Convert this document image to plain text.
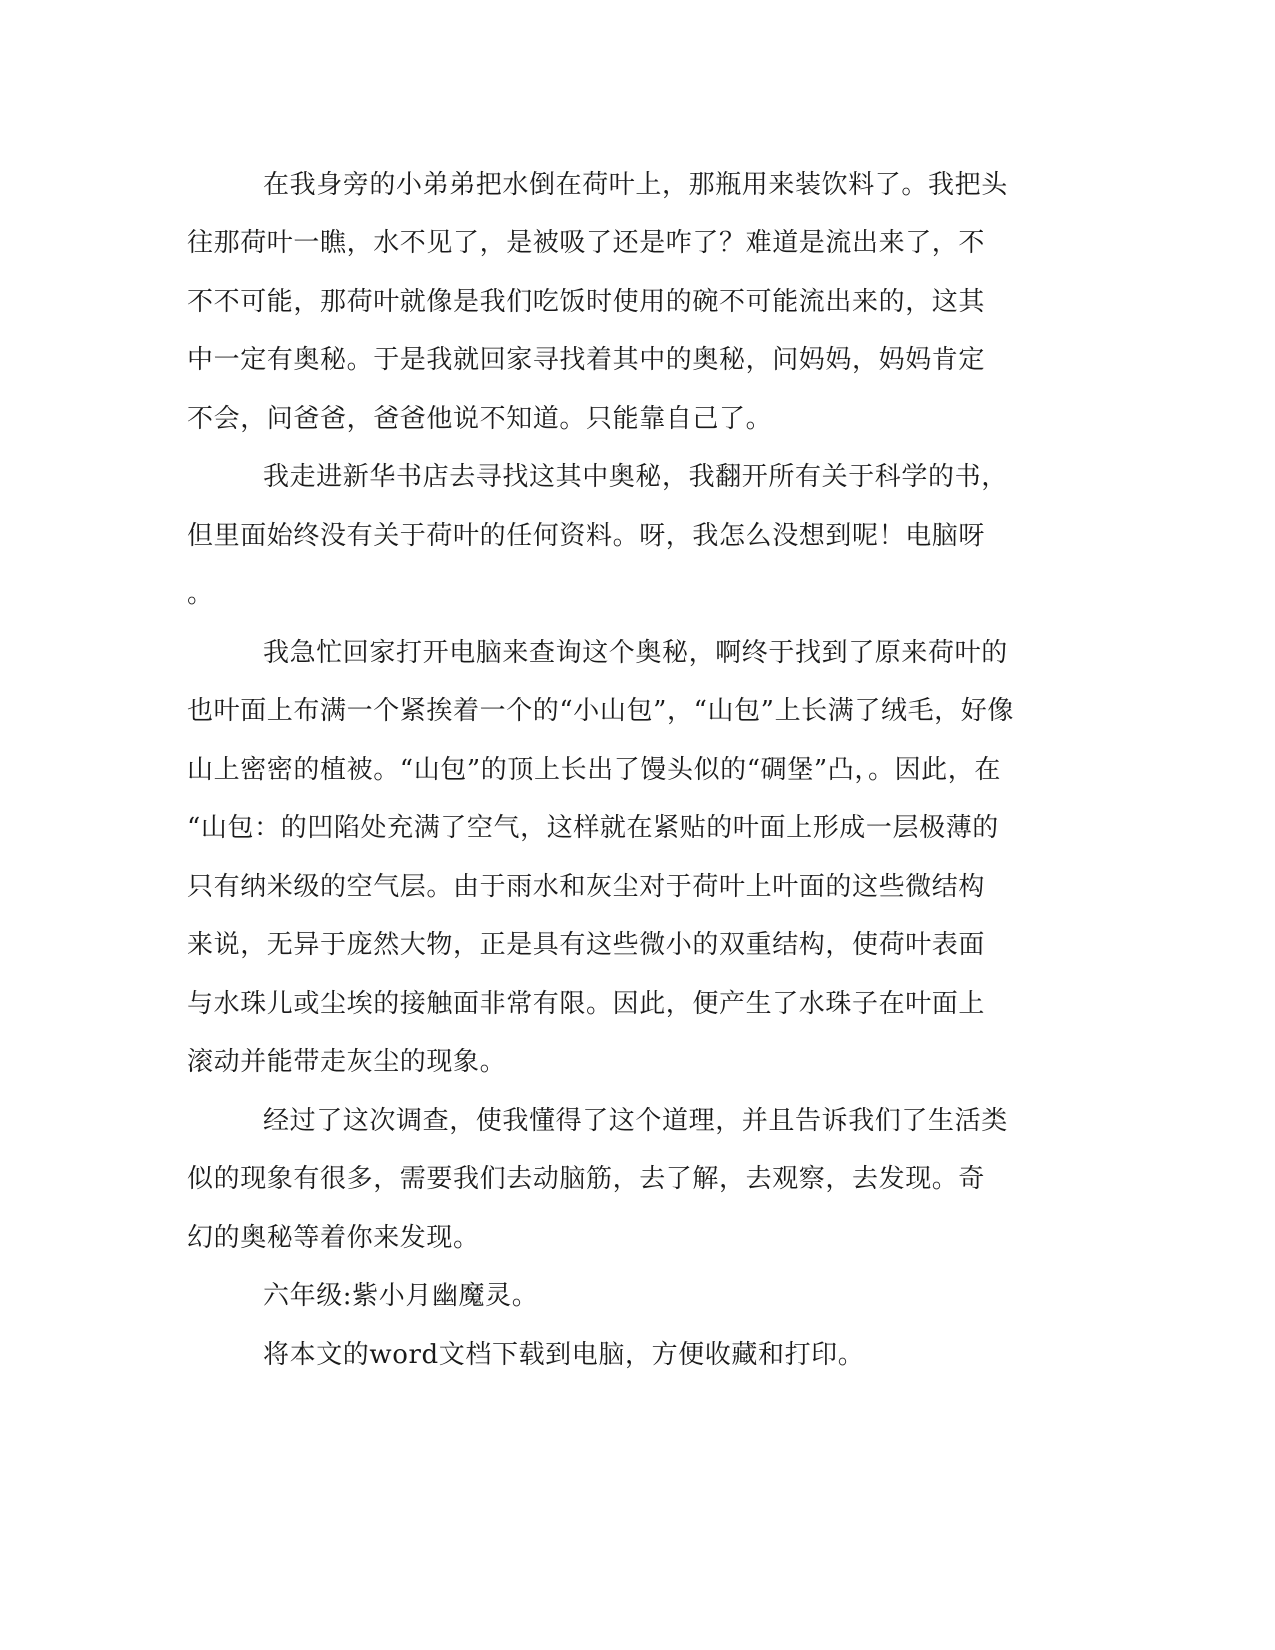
在我身旁的小弟弟把水倒在荷叶上，那瓶用来装饮料了。我把头
往那荷叶一瞧，水不见了，是被吸了还是咋了？难道是流出来了，不
不不可能，那荷叶就像是我们吃饭时使用的碗不可能流出来的，这其
中一定有奥秘。于是我就回家寻找着其中的奥秘，问妈妈，妈妈肯定
不会，问爸爸，爸爸他说不知道。只能靠自己了。
我走进新华书店去寻找这其中奥秘，我翻开所有关于科学的书，
但里面始终没有关于荷叶的任何资料。呀，我怎么没想到呢！电脑呀
。
我急忙回家打开电脑来查询这个奥秘，啊终于找到了原来荷叶的
也叶面上布满一个紧挨着一个的“小山包”，“山包”上长满了绒毛，好像
山上密密的植被。“山包”的顶上长出了馒头似的“碉堡”凸，。因此，在
“山包：的凹陷处充满了空气，这样就在紧贴的叶面上形成一层极薄的
只有纳米级的空气层。由于雨水和灰尘对于荷叶上叶面的这些微结构
来说，无异于庞然大物，正是具有这些微小的双重结构，使荷叶表面
与水珠儿或尘埃的接触面非常有限。因此，便产生了水珠子在叶面上
滚动并能带走灰尘的现象。
经过了这次调查，使我懂得了这个道理，并且告诉我们了生活类
似的现象有很多，需要我们去动脑筋，去了解，去观察，去发现。奇
幻的奥秘等着你来发现。
六年级:紫小月幽魔灵。
将本文的word文档下载到电脑，方便收藏和打印。
